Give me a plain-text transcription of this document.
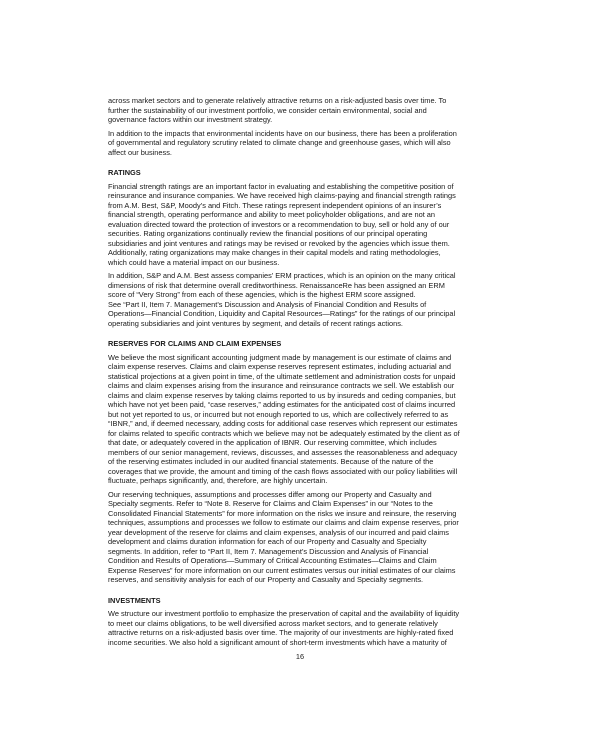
across market sectors and to generate relatively attractive returns on a risk-adjusted basis over time. To
further the sustainability of our investment portfolio, we consider certain environmental, social and
governance factors within our investment strategy.
In addition to the impacts that environmental incidents have on our business, there has been a proliferation
of governmental and regulatory scrutiny related to climate change and greenhouse gases, which will also
affect our business.
RATINGS
Financial strength ratings are an important factor in evaluating and establishing the competitive position of
reinsurance and insurance companies. We have received high claims-paying and financial strength ratings
from A.M. Best, S&P, Moody’s and Fitch. These ratings represent independent opinions of an insurer’s
financial strength, operating performance and ability to meet policyholder obligations, and are not an
evaluation directed toward the protection of investors or a recommendation to buy, sell or hold any of our
securities. Rating organizations continually review the financial positions of our principal operating
subsidiaries and joint ventures and ratings may be revised or revoked by the agencies which issue them.
Additionally, rating organizations may make changes in their capital models and rating methodologies,
which could have a material impact on our business.
In addition, S&P and A.M. Best assess companies’ ERM practices, which is an opinion on the many critical
dimensions of risk that determine overall creditworthiness. RenaissanceRe has been assigned an ERM
score of “Very Strong” from each of these agencies, which is the highest ERM score assigned.
See “Part II, Item 7. Management’s Discussion and Analysis of Financial Condition and Results of
Operations—Financial Condition, Liquidity and Capital Resources—Ratings” for the ratings of our principal
operating subsidiaries and joint ventures by segment, and details of recent ratings actions.
RESERVES FOR CLAIMS AND CLAIM EXPENSES
We believe the most significant accounting judgment made by management is our estimate of claims and
claim expense reserves. Claims and claim expense reserves represent estimates, including actuarial and
statistical projections at a given point in time, of the ultimate settlement and administration costs for unpaid
claims and claim expenses arising from the insurance and reinsurance contracts we sell. We establish our
claims and claim expense reserves by taking claims reported to us by insureds and ceding companies, but
which have not yet been paid, “case reserves,” adding estimates for the anticipated cost of claims incurred
but not yet reported to us, or incurred but not enough reported to us, which are collectively referred to as
“IBNR,” and, if deemed necessary, adding costs for additional case reserves which represent our estimates
for claims related to specific contracts which we believe may not be adequately estimated by the client as of
that date, or adequately covered in the application of IBNR. Our reserving committee, which includes
members of our senior management, reviews, discusses, and assesses the reasonableness and adequacy
of the reserving estimates included in our audited financial statements. Because of the nature of the
coverages that we provide, the amount and timing of the cash flows associated with our policy liabilities will
fluctuate, perhaps significantly, and, therefore, are highly uncertain.
Our reserving techniques, assumptions and processes differ among our Property and Casualty and
Specialty segments. Refer to “Note 8. Reserve for Claims and Claim Expenses” in our “Notes to the
Consolidated Financial Statements” for more information on the risks we insure and reinsure, the reserving
techniques, assumptions and processes we follow to estimate our claims and claim expense reserves, prior
year development of the reserve for claims and claim expenses, analysis of our incurred and paid claims
development and claims duration information for each of our Property and Casualty and Specialty
segments. In addition, refer to “Part II, Item 7. Management’s Discussion and Analysis of Financial
Condition and Results of Operations—Summary of Critical Accounting Estimates—Claims and Claim
Expense Reserves” for more information on our current estimates versus our initial estimates of our claims
reserves, and sensitivity analysis for each of our Property and Casualty and Specialty segments.
INVESTMENTS
We structure our investment portfolio to emphasize the preservation of capital and the availability of liquidity
to meet our claims obligations, to be well diversified across market sectors, and to generate relatively
attractive returns on a risk-adjusted basis over time. The majority of our investments are highly-rated fixed
income securities. We also hold a significant amount of short-term investments which have a maturity of
16
